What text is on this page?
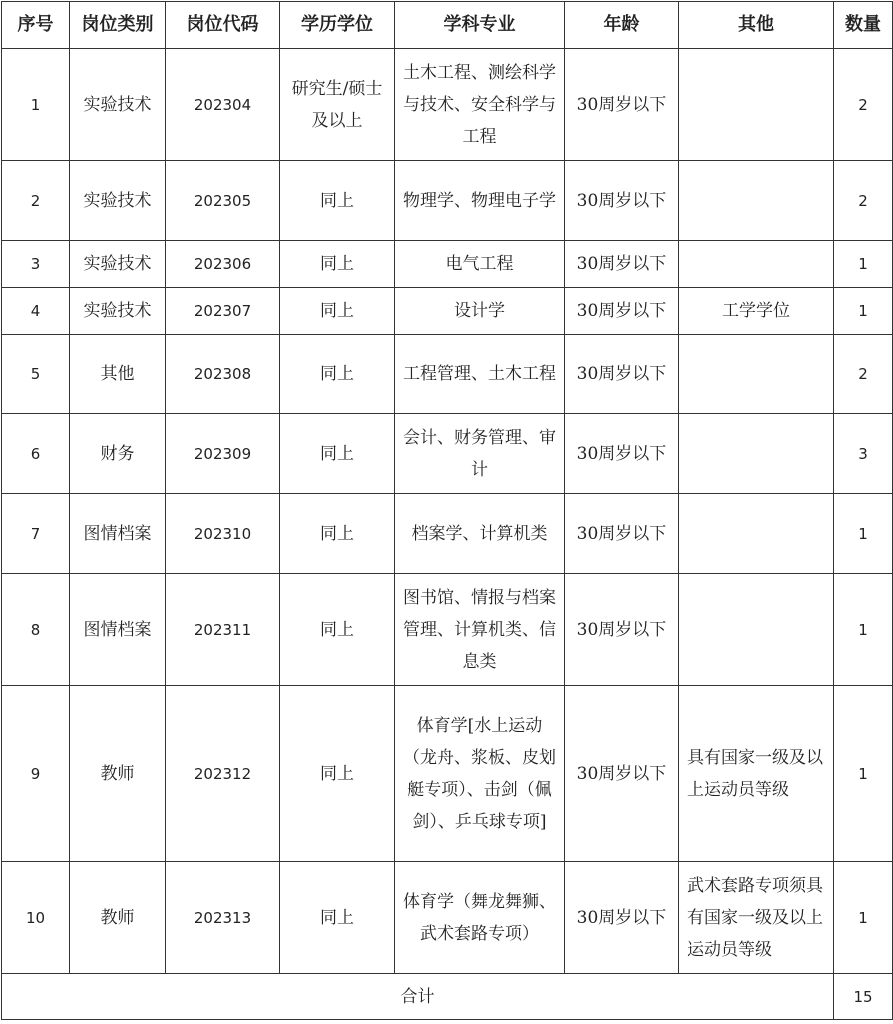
序号	岗位类别	岗位代码	学历学位	学科专业	年龄	其他	数量
1	实验技术	202304	研究生/硕士及以上	土木工程、测绘科学与技术、安全科学与工程	30周岁以下		2
2	实验技术	202305	同上	物理学、物理电子学	30周岁以下		2
3	实验技术	202306	同上	电气工程	30周岁以下		1
4	实验技术	202307	同上	设计学	30周岁以下	工学学位	1
5	其他	202308	同上	工程管理、土木工程	30周岁以下		2
6	财务	202309	同上	会计、财务管理、审计	30周岁以下		3
7	图情档案	202310	同上	档案学、计算机类	30周岁以下		1
8	图情档案	202311	同上	图书馆、情报与档案管理、计算机类、信息类	30周岁以下		1
9	教师	202312	同上	体育学[水上运动（龙舟、浆板、皮划艇专项）、击剑（佩剑）、乒乓球专项]	30周岁以下	具有国家一级及以上运动员等级	1
10	教师	202313	同上	体育学（舞龙舞狮、武术套路专项）	30周岁以下	武术套路专项须具有国家一级及以上运动员等级	1
合计							15
